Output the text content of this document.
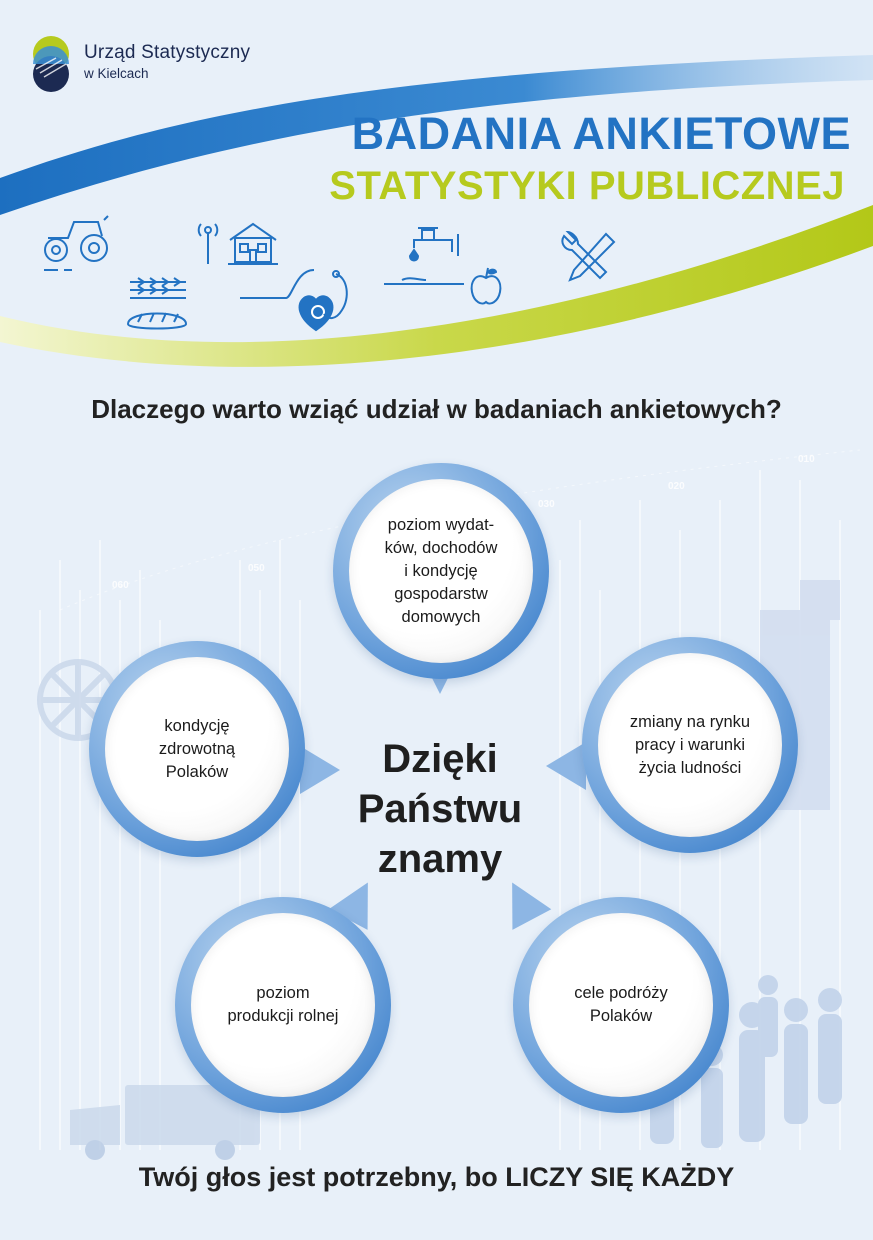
010
020
030
050
060
Urząd Statystyczny
w Kielcach
BADANIA ANKIETOWE
STATYSTYKI PUBLICZNEJ
Dlaczego warto wziąć udział w badaniach ankietowych?
poziom wydat-
ków, dochodów
i kondycję
gospodarstw
domowych
kondycję
zdrowotną
Polaków
zmiany na rynku
pracy i warunki
życia ludności
poziom
produkcji rolnej
cele podróży
Polaków
Dzięki
Państwu
znamy
Twój głos jest potrzebny, bo LICZY SIĘ KAŻDY
